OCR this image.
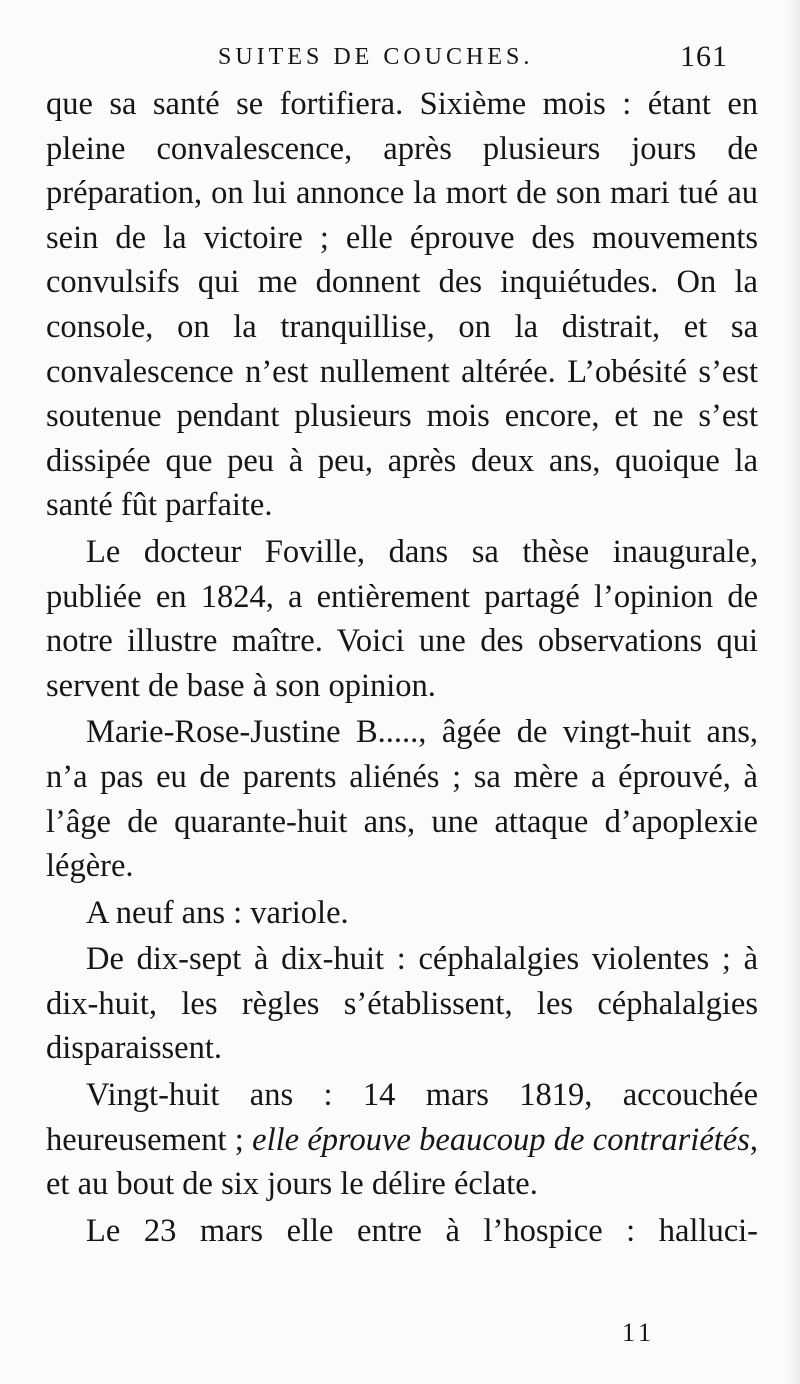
SUITES DE COUCHES.	161

que sa santé se fortifiera. Sixième mois : étant en pleine convalescence, après plusieurs jours de préparation, on lui annonce la mort de son mari tué au sein de la victoire ; elle éprouve des mouvements convulsifs qui me donnent des inquiétudes. On la console, on la tranquillise, on la distrait, et sa convalescence n’est nullement altérée. L’obésité s’est soutenue pendant plusieurs mois encore, et ne s’est dissipée que peu à peu, après deux ans, quoique la santé fût parfaite.

Le docteur Foville, dans sa thèse inaugurale, publiée en 1824, a entièrement partagé l’opinion de notre illustre maître. Voici une des observations qui servent de base à son opinion.

Marie-Rose-Justine B....., âgée de vingt-huit ans, n’a pas eu de parents aliénés ; sa mère a éprouvé, à l’âge de quarante-huit ans, une attaque d’apoplexie légère.

A neuf ans : variole.

De dix-sept à dix-huit : céphalalgies violentes ; à dix-huit, les règles s’établissent, les céphalalgies disparaissent.

Vingt-huit ans : 14 mars 1819, accouchée heureusement ; elle éprouve beaucoup de contrariétés, et au bout de six jours le délire éclate.

Le 23 mars elle entre à l’hospice : halluci-

11
